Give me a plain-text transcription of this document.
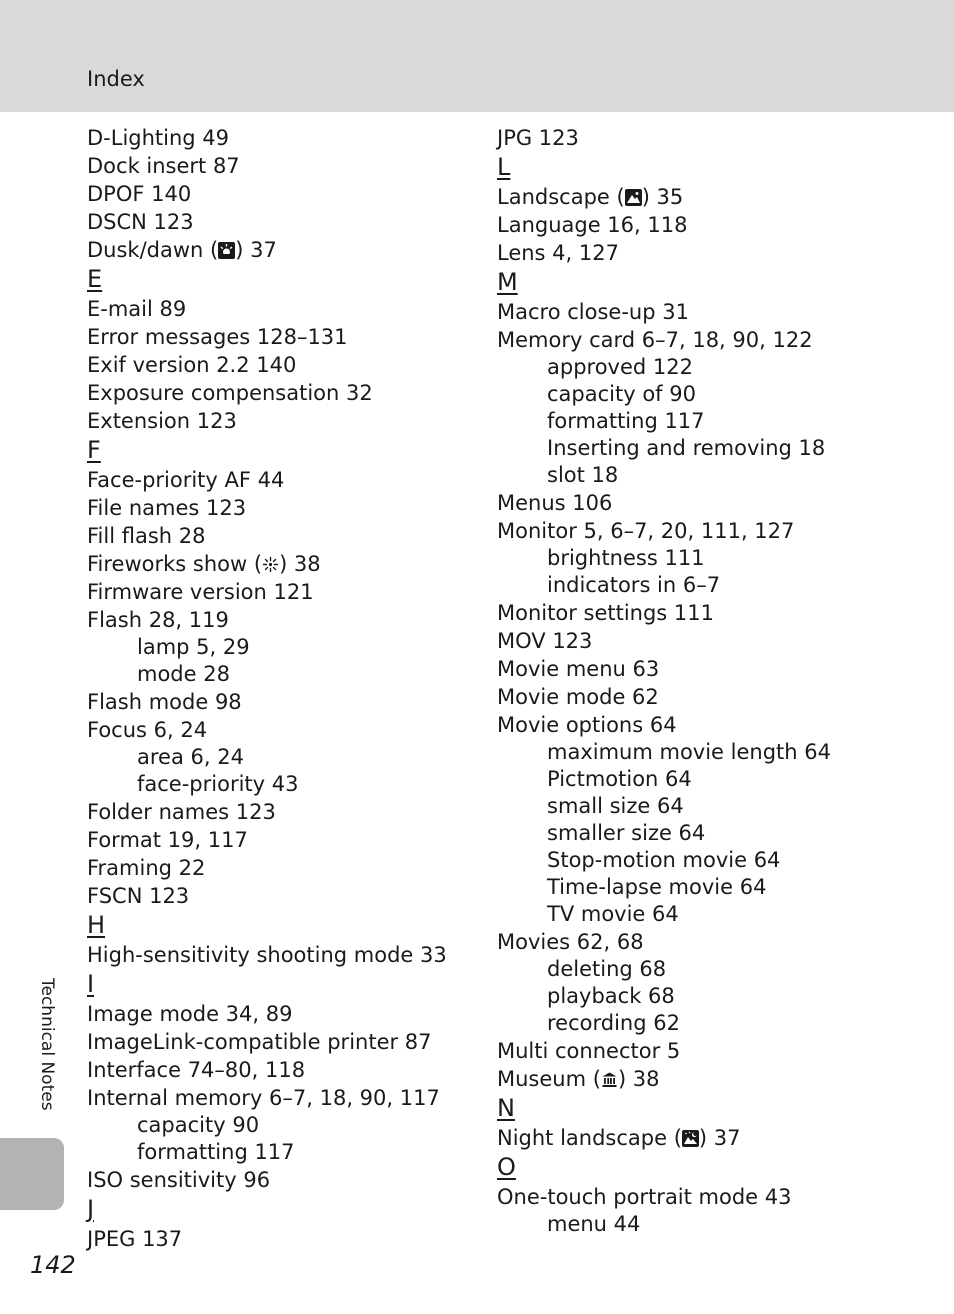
Index
D-Lighting 49
Dock insert 87
DPOF 140
DSCN 123
Dusk/dawn ( ) 37
E
E-mail 89
Error messages 128–131
Exif version 2.2 140
Exposure compensation 32
Extension 123
F
Face-priority AF 44
File names 123
Fill flash 28
Fireworks show ( ) 38
Firmware version 121
Flash 28, 119
lamp 5, 29
mode 28
Flash mode 98
Focus 6, 24
area 6, 24
face-priority 43
Folder names 123
Format 19, 117
Framing 22
FSCN 123
H
High-sensitivity shooting mode 33
I
Image mode 34, 89
ImageLink-compatible printer 87
Interface 74–80, 118
Internal memory 6–7, 18, 90, 117
capacity 90
formatting 117
ISO sensitivity 96
J
JPEG 137
JPG 123
L
Landscape ( ) 35
Language 16, 118
Lens 4, 127
M
Macro close-up 31
Memory card 6–7, 18, 90, 122
approved 122
capacity of 90
formatting 117
Inserting and removing 18
slot 18
Menus 106
Monitor 5, 6–7, 20, 111, 127
brightness 111
indicators in 6–7
Monitor settings 111
MOV 123
Movie menu 63
Movie mode 62
Movie options 64
maximum movie length 64
Pictmotion 64
small size 64
smaller size 64
Stop-motion movie 64
Time-lapse movie 64
TV movie 64
Movies 62, 68
deleting 68
playback 68
recording 62
Multi connector 5
Museum ( ) 38
N
Night landscape ( ) 37
O
One-touch portrait mode 43
menu 44
Technical Notes
142
